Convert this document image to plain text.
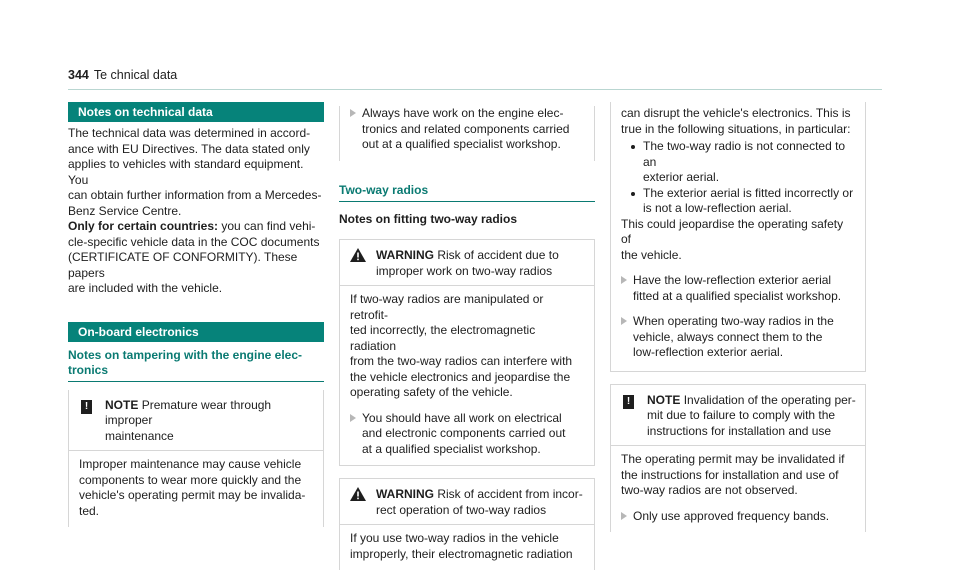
344 Te chnical data
Notes on technical data

The technical data was determined in accord-

ance with EU Directives. The data stated only

applies to vehicles with standard equipment. You

can obtain further information from a Mercedes-

Benz Service Centre.

Only for certain countries: you can find vehi-

cle-specific vehicle data in the COC documents

(CERTIFICATE OF CONFORMITY). These papers

are included with the vehicle.

On-board electronics
Notes on tampering with the engine elec-
tronics
!	NOTE Premature wear through improper

maintenance

Improper maintenance may cause vehicle

components to wear more quickly and the

vehicle's operating permit may be invalida-

ted.

Always have work on the engine elec-

tronics and related components carried

out at a qualified specialist workshop.

Two-way radios
Notes on fitting two-way radios

WARNING Risk of accident due to

improper work on two-way radios

If two-way radios are manipulated or retrofit-

ted incorrectly, the electromagnetic radiation

from the two-way radios can interfere with

the vehicle electronics and jeopardise the

operating safety of the vehicle.

You should have all work on electrical

and electronic components carried out

at a qualified specialist workshop.

WARNING Risk of accident from incor-

rect operation of two-way radios

If you use two-way radios in the vehicle

improperly, their electromagnetic radiation

can disrupt the vehicle's electronics. This is

true in the following situations, in particular:

The two-way radio is not connected to an

exterior aerial.

The exterior aerial is fitted incorrectly or

is not a low-reflection aerial.

This could jeopardise the operating safety of

the vehicle.

Have the low-reflection exterior aerial

fitted at a qualified specialist workshop.

When operating two-way radios in the

vehicle, always connect them to the

low-reflection exterior aerial.

!	NOTE Invalidation of the operating per-

mit due to failure to comply with the

instructions for installation and use

The operating permit may be invalidated if

the instructions for installation and use of

two-way radios are not observed.

Only use approved frequency bands.
